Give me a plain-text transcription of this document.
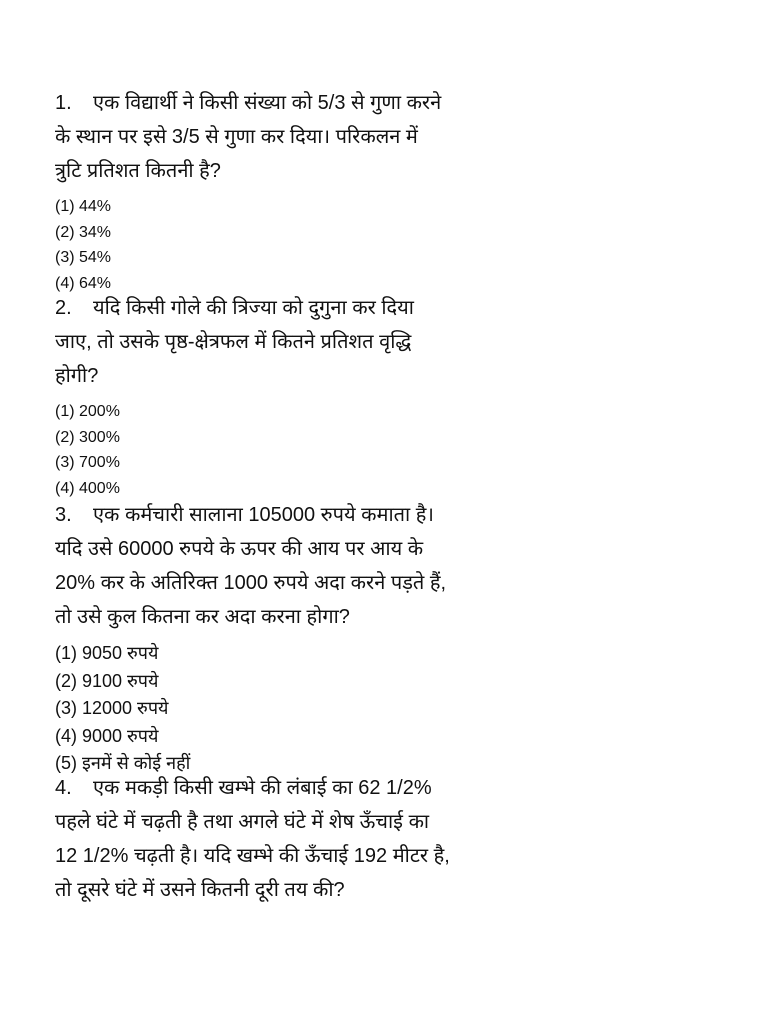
1. एक विद्यार्थी ने किसी संख्या को 5/3 से गुणा करने
के स्थान पर इसे 3/5 से गुणा कर दिया। परिकलन में
त्रुटि प्रतिशत कितनी है?
(1) 44%
(2) 34%
(3) 54%
(4) 64%
2. यदि किसी गोले की त्रिज्या को दुगुना कर दिया
जाए, तो उसके पृष्ठ-क्षेत्रफल में कितने प्रतिशत वृद्धि
होगी?
(1) 200%
(2) 300%
(3) 700%
(4) 400%
3. एक कर्मचारी सालाना 105000 रुपये कमाता है।
यदि उसे 60000 रुपये के ऊपर की आय पर आय के
20% कर के अतिरिक्त 1000 रुपये अदा करने पड़ते हैं,
तो उसे कुल कितना कर अदा करना होगा?
(1) 9050 रुपये
(2) 9100 रुपये
(3) 12000 रुपये
(4) 9000 रुपये
(5) इनमें से कोई नहीं
4. एक मकड़ी किसी खम्भे की लंबाई का 62 1/2%
पहले घंटे में चढ़ती है तथा अगले घंटे में शेष ऊँचाई का
12 1/2% चढ़ती है। यदि खम्भे की ऊँचाई 192 मीटर है,
तो दूसरे घंटे में उसने कितनी दूरी तय की?
